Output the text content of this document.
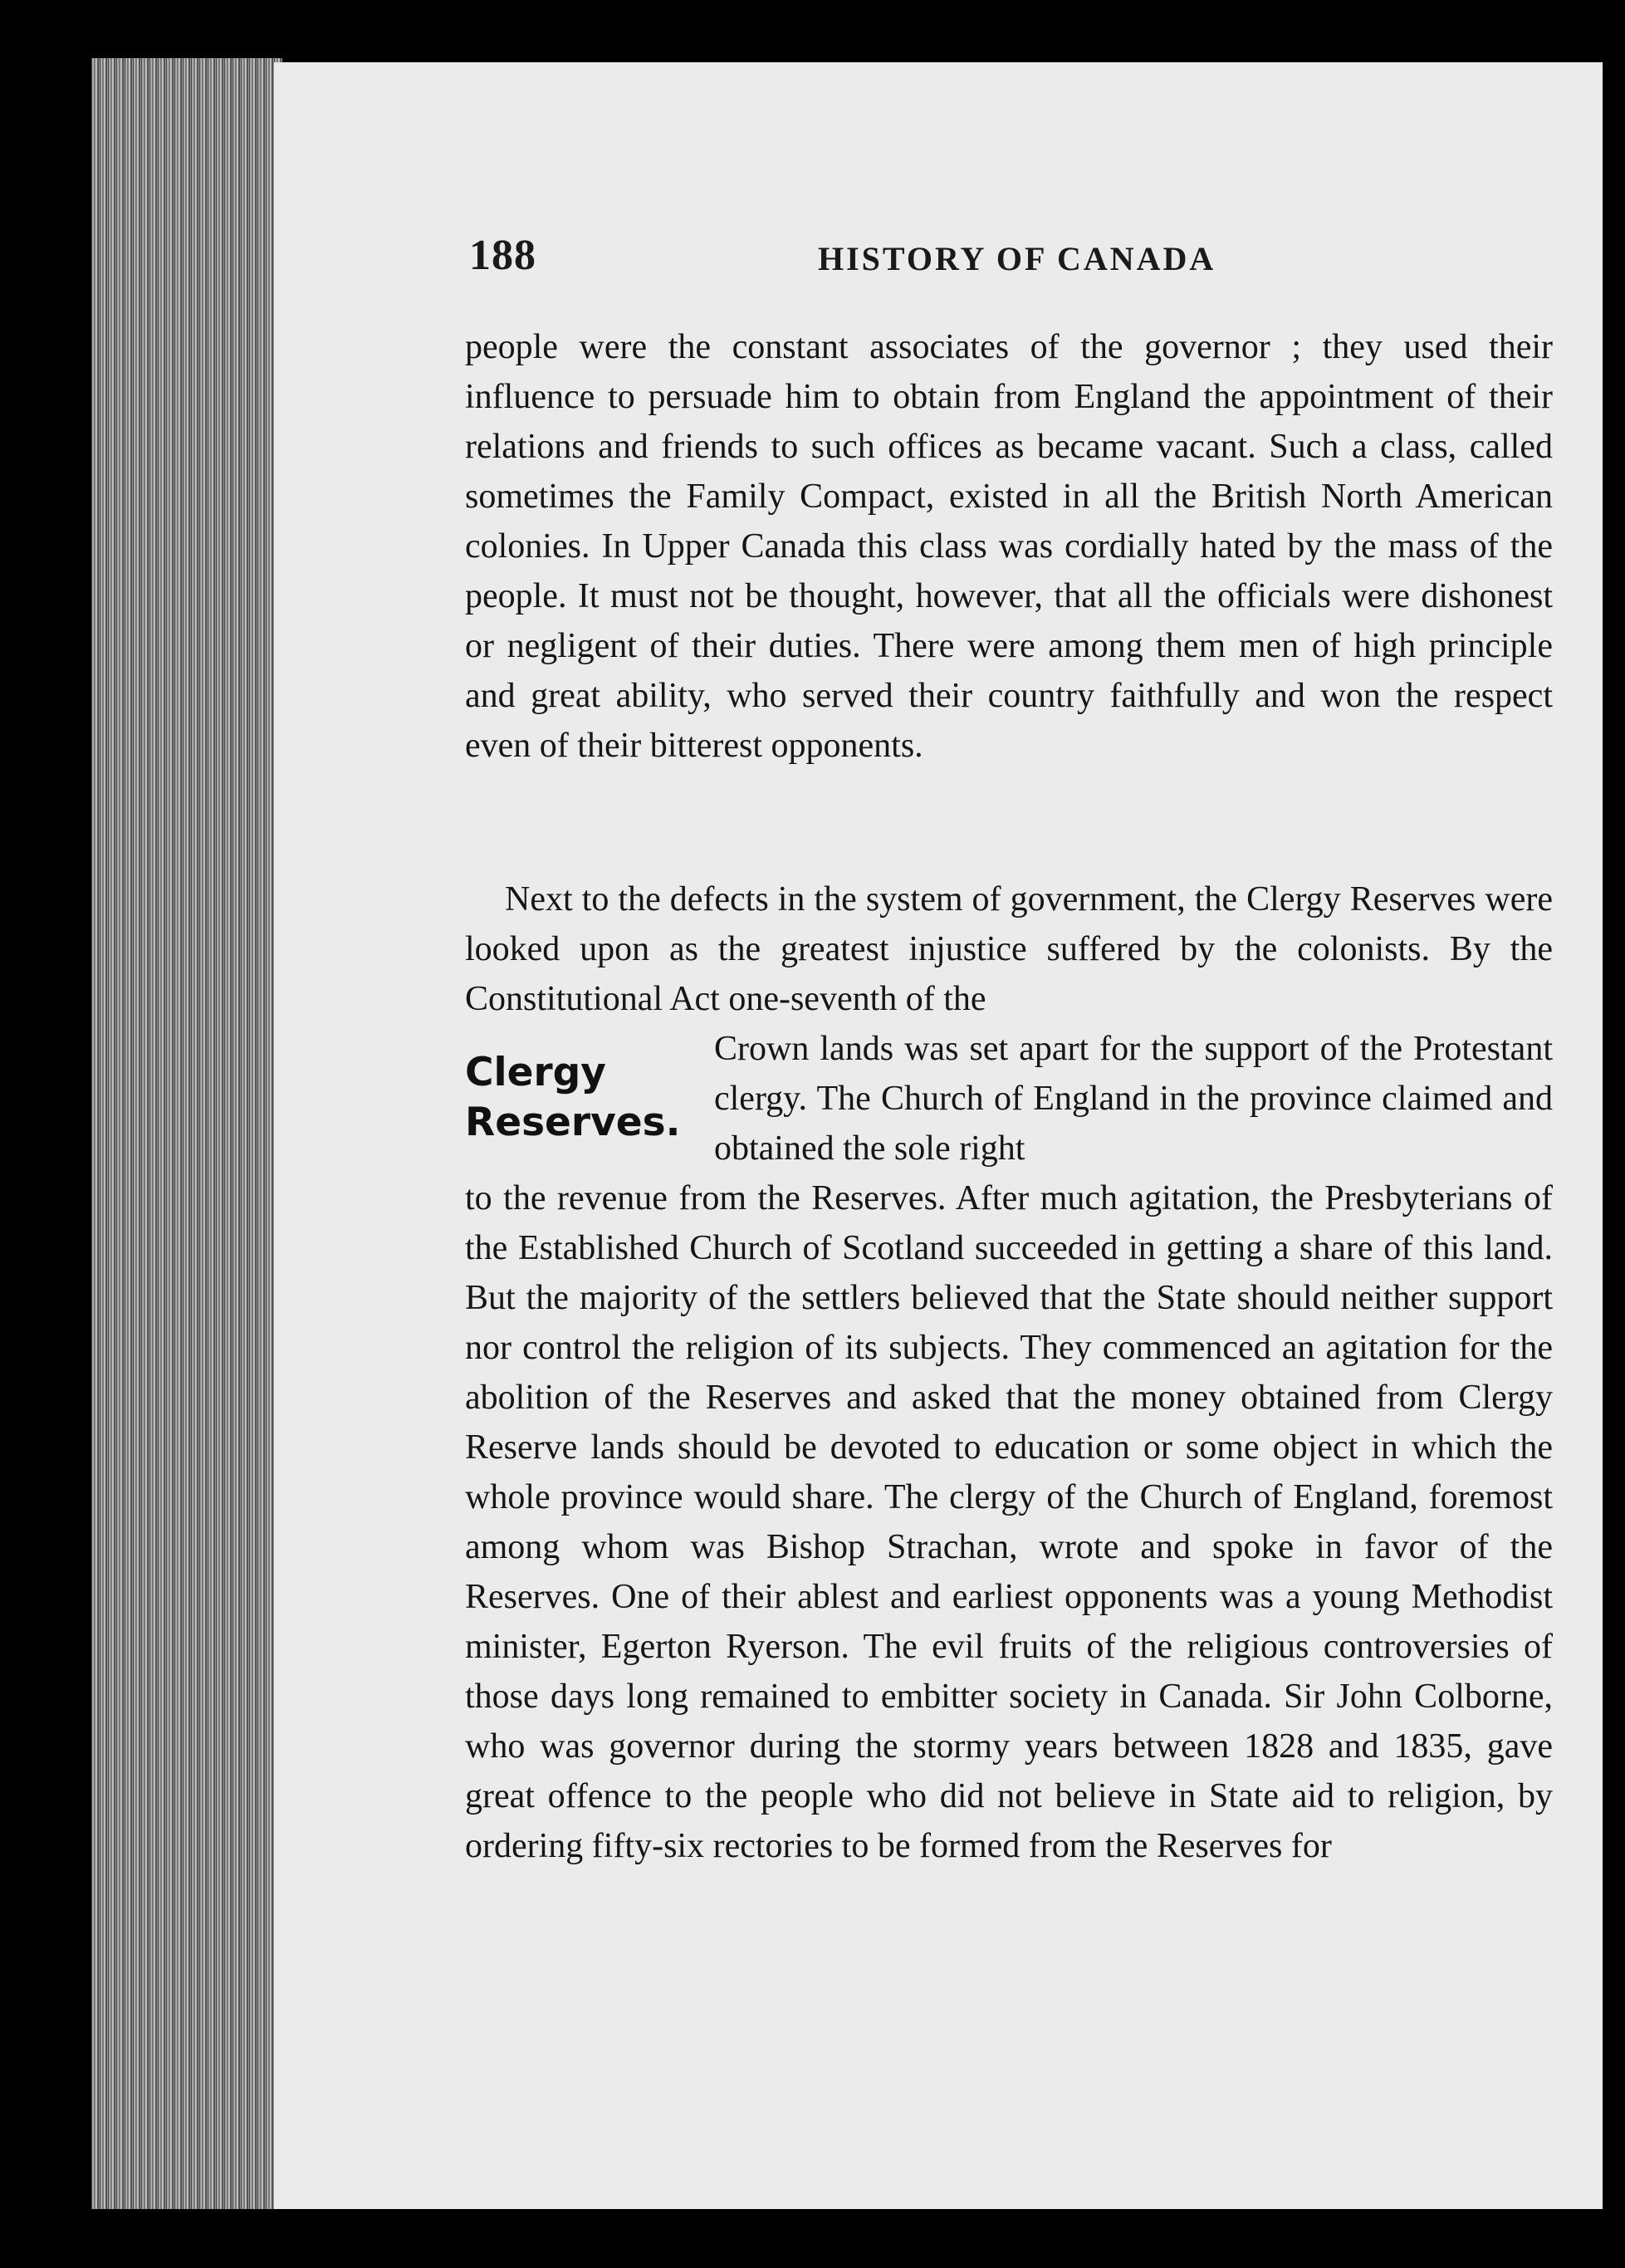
188	HISTORY OF CANADA

people were the constant associates of the governor ; they used their influence to persuade him to obtain from England the appointment of their relations and friends to such offices as became vacant. Such a class, called sometimes the Family Compact, existed in all the British North American colonies. In Upper Canada this class was cordially hated by the mass of the people. It must not be thought, however, that all the officials were dishonest or negligent of their duties. There were among them men of high principle and great ability, who served their country faithfully and won the respect even of their bitterest opponents.

Next to the defects in the system of government, the Clergy Reserves were looked upon as the greatest injustice suffered by the colonists. By the Constitutional Act one-seventh of the

Clergy
Reserves.

Crown lands was set apart for the support of the Protestant clergy. The Church of England in the province claimed and obtained the sole right

to the revenue from the Reserves. After much agitation, the Presbyterians of the Established Church of Scotland succeeded in getting a share of this land. But the majority of the settlers believed that the State should neither support nor control the religion of its subjects. They commenced an agitation for the abolition of the Reserves and asked that the money obtained from Clergy Reserve lands should be devoted to education or some object in which the whole province would share. The clergy of the Church of England, foremost among whom was Bishop Strachan, wrote and spoke in favor of the Reserves. One of their ablest and earliest opponents was a young Methodist minister, Egerton Ryerson. The evil fruits of the religious controversies of those days long remained to embitter society in Canada. Sir John Colborne, who was governor during the stormy years between 1828 and 1835, gave great offence to the people who did not believe in State aid to religion, by ordering fifty-six rectories to be formed from the Reserves for
